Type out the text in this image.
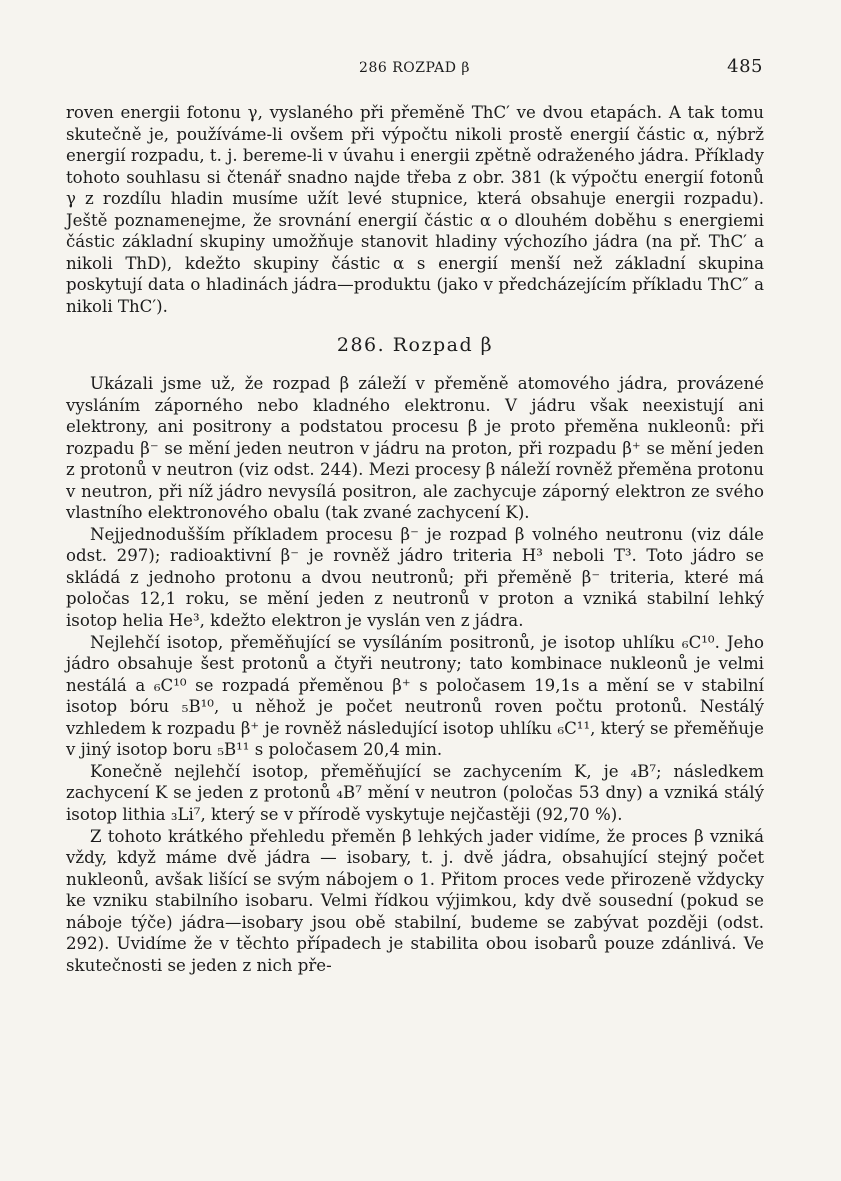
286 ROZPAD β	485

roven energii fotonu γ, vyslaného při přeměně ThC′ ve dvou etapách. A tak tomu skutečně je, používáme-li ovšem při výpočtu nikoli prostě energií částic α, nýbrž energií rozpadu, t. j. bereme-li v úvahu i energii zpětně odraženého jádra. Příklady tohoto souhlasu si čtenář snadno najde třeba z obr. 381 (k výpočtu energií fotonů γ z rozdílu hladin musíme užít levé stupnice, která obsahuje energii rozpadu). Ještě poznamenejme, že srovnání energií částic α o dlouhém doběhu s energiemi částic základní skupiny umožňuje stanovit hladiny výchozího jádra (na př. ThC′ a nikoli ThD), kdežto skupiny částic α s energií menší než základní skupina poskytují data o hladinách jádra—produktu (jako v předcházejícím příkladu ThC″ a nikoli ThC′).

286. Rozpad β

Ukázali jsme už, že rozpad β záleží v přeměně atomového jádra, provázené vysláním záporného nebo kladného elektronu. V jádru však neexistují ani elektrony, ani positrony a podstatou procesu β je proto přeměna nukleonů: při rozpadu β⁻ se mění jeden neutron v jádru na proton, při rozpadu β⁺ se mění jeden z protonů v neutron (viz odst. 244). Mezi procesy β náleží rovněž přeměna protonu v neutron, při níž jádro nevysílá positron, ale zachycuje záporný elektron ze svého vlastního elektronového obalu (tak zvané zachycení K).

Nejjednodušším příkladem procesu β⁻ je rozpad β volného neutronu (viz dále odst. 297); radioaktivní β⁻ je rovněž jádro triteria H³ neboli T³. Toto jádro se skládá z jednoho protonu a dvou neutronů; při přeměně β⁻ triteria, které má poločas 12,1 roku, se mění jeden z neutronů v proton a vzniká stabilní lehký isotop helia He³, kdežto elektron je vyslán ven z jádra.

Nejlehčí isotop, přeměňující se vysíláním positronů, je isotop uhlíku ₆C¹⁰. Jeho jádro obsahuje šest protonů a čtyři neutrony; tato kombinace nukleonů je velmi nestálá a ₆C¹⁰ se rozpadá přeměnou β⁺ s poločasem 19,1s a mění se v stabilní isotop bóru ₅B¹⁰, u něhož je počet neutronů roven počtu protonů. Nestálý vzhledem k rozpadu β⁺ je rovněž následující isotop uhlíku ₆C¹¹, který se přeměňuje v jiný isotop boru ₅B¹¹ s poločasem 20,4 min.

Konečně nejlehčí isotop, přeměňující se zachycením K, je ₄B⁷; následkem zachycení K se jeden z protonů ₄B⁷ mění v neutron (poločas 53 dny) a vzniká stálý isotop lithia ₃Li⁷, který se v přírodě vyskytuje nejčastěji (92,70 %).

Z tohoto krátkého přehledu přeměn β lehkých jader vidíme, že proces β vzniká vždy, když máme dvě jádra — isobary, t. j. dvě jádra, obsahující stejný počet nukleonů, avšak lišící se svým nábojem o 1. Přitom proces vede přirozeně vždycky ke vzniku stabilního isobaru. Velmi řídkou výjimkou, kdy dvě sousední (pokud se náboje týče) jádra—isobary jsou obě stabilní, budeme se zabývat později (odst. 292). Uvidíme že v těchto případech je stabilita obou isobarů pouze zdánlivá. Ve skutečnosti se jeden z nich pře-
